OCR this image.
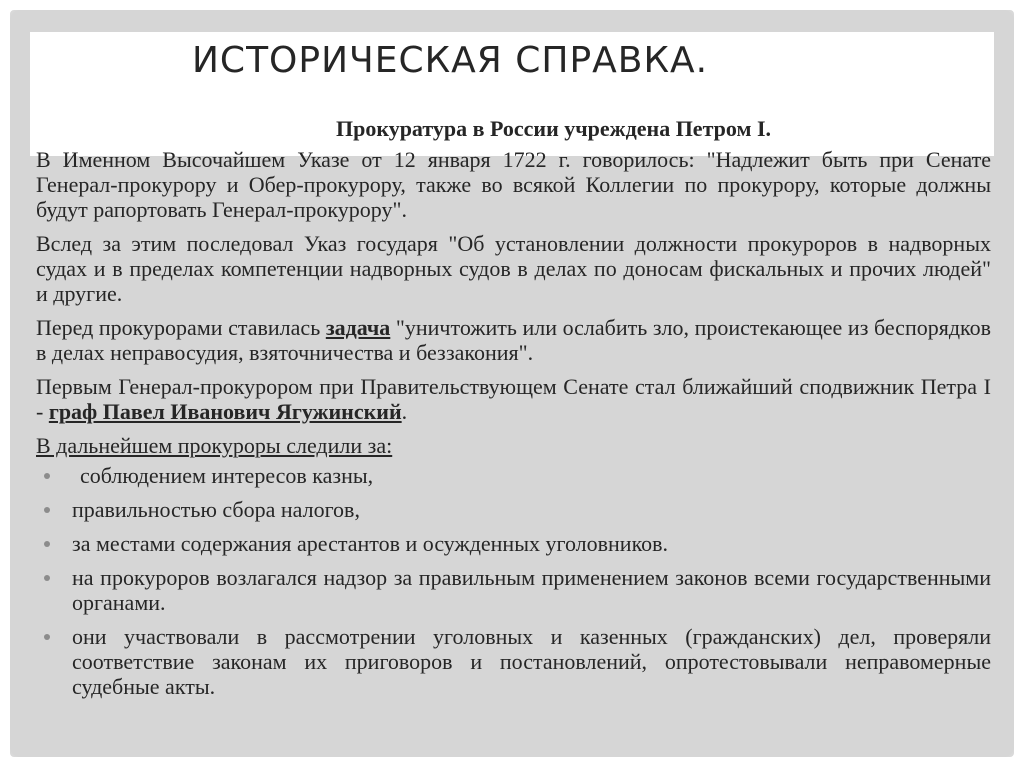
ИСТОРИЧЕСКАЯ СПРАВКА.

Прокуратура в России учреждена Петром I.

В Именном Высочайшем Указе от 12 января 1722 г. говорилось: "Надлежит быть при Сенате Генерал-прокурору и Обер-прокурору, также во всякой Коллегии по прокурору, которые должны будут рапортовать Генерал-прокурору".

Вслед за этим последовал Указ государя "Об установлении должности прокуроров в надворных судах и в пределах компетенции надворных судов в делах по доносам фискальных и прочих людей" и другие.

Перед прокурорами ставилась задача "уничтожить или ослабить зло, проистекающее из беспорядков в делах неправосудия, взяточничества и беззакония".

Первым Генерал-прокурором при Правительствующем Сенате стал ближайший сподвижник Петра I - граф Павел Иванович Ягужинский.

В дальнейшем прокуроры следили за:

соблюдением интересов казны,
правильностью сбора налогов,
за местами содержания арестантов и осужденных уголовников.
на прокуроров возлагался надзор за правильным применением законов всеми государственными органами.
они участвовали в рассмотрении уголовных и казенных (гражданских) дел, проверяли соответствие законам их приговоров и постановлений, опротестовывали неправомерные судебные акты.
